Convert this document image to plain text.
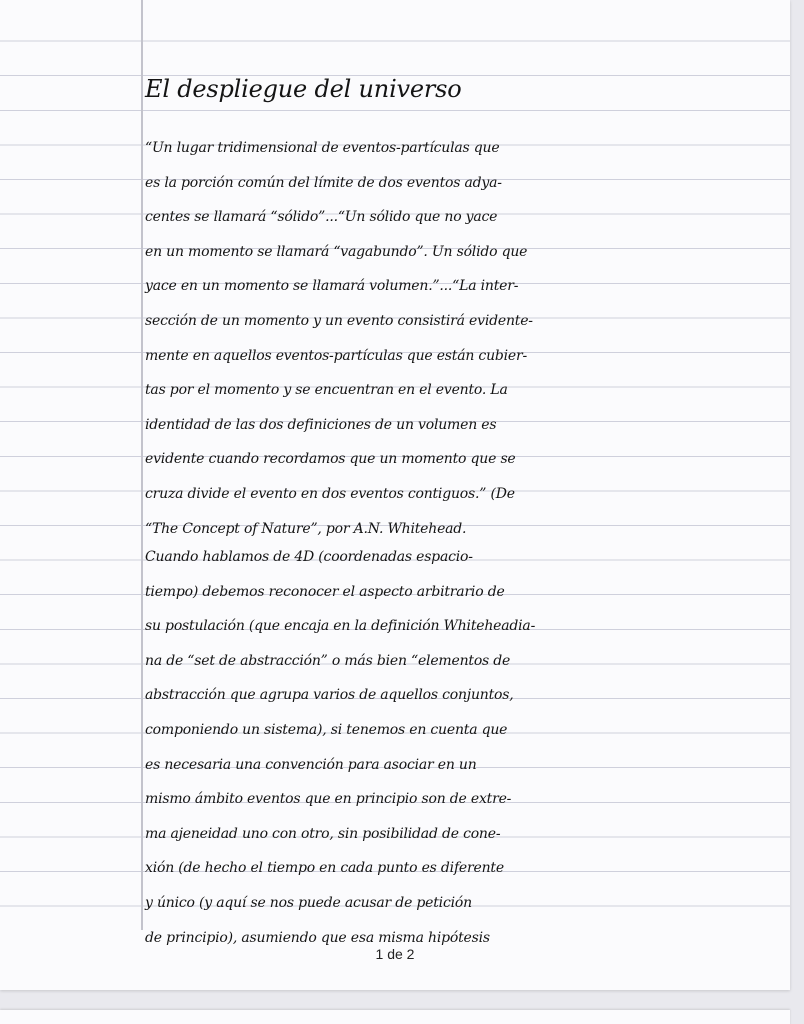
El despliegue del universo
“Un lugar tridimensional de eventos-partículas que
es la porción común del límite de dos eventos adya-
centes se llamará “sólido”...“Un sólido que no yace
en un momento se llamará “vagabundo”. Un sólido que
yace en un momento se llamará volumen.”...“La inter-
sección de un momento y un evento consistirá evidente-
mente en aquellos eventos-partículas que están cubier-
tas por el momento y se encuentran en el evento. La
identidad de las dos definiciones de un volumen es
evidente cuando recordamos que un momento que se
cruza divide el evento en dos eventos contiguos.” (De
“The Concept of Nature”, por A.N. Whitehead.
Cuando hablamos de 4D (coordenadas espacio-
tiempo) debemos reconocer el aspecto arbitrario de
su postulación (que encaja en la definición Whiteheadia-
na de “set de abstracción” o más bien “elementos de
abstracción que agrupa varios de aquellos conjuntos,
componiendo un sistema), si tenemos en cuenta que
es necesaria una convención para asociar en un
mismo ámbito eventos que en principio son de extre-
ma ajeneidad uno con otro, sin posibilidad de cone-
xión (de hecho el tiempo en cada punto es diferente
y único (y aquí se nos puede acusar de petición
de principio), asumiendo que esa misma hipótesis
1 de 2
